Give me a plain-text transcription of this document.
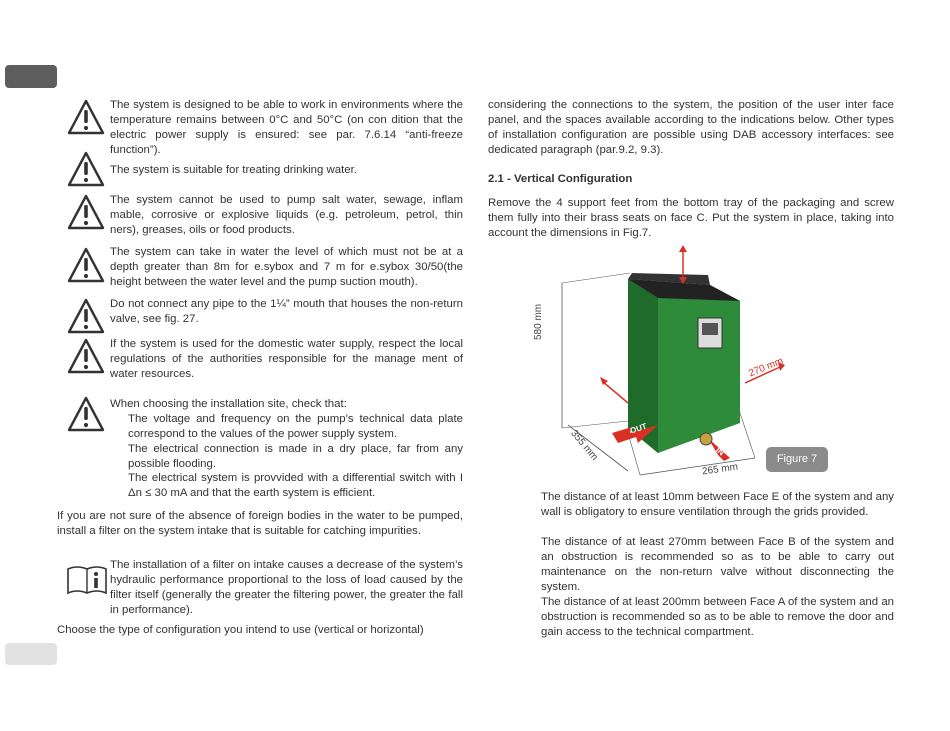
The system is designed to be able to work in environments where the temperature remains between 0°C and 50°C (on con dition that the electric power supply is ensured: see par. 7.6.14 “anti-freeze function”).

The system is suitable for treating drinking water.

The system cannot be used to pump salt water, sewage, inflam mable, corrosive or explosive liquids (e.g. petroleum, petrol, thin ners), greases, oils or food products.

The system can take in water the level of which must not be at a depth greater than 8m for e.sybox and 7 m for e.sybox 30/50(the height between the water level and the pump suction mouth).

Do not connect any pipe to the 1¼” mouth that houses the non-return valve, see fig. 27.

If the system is used for the domestic water supply, respect the local regulations of the authorities responsible for the manage ment of water resources.

When choosing the installation site, check that:

The voltage and frequency on the pump’s technical data plate correspond to the values of the power supply system.

The electrical connection is made in a dry place, far from any possible flooding.

The electrical system is provvided with a differential switch with I Δn ≤ 30 mA and that the earth system is efficient.

If you are not sure of the absence of foreign bodies in the water to be pumped, install a filter on the system intake that is suitable for catching impurities.

The installation of a filter on intake causes a decrease of the system’s hydraulic performance proportional to the loss of load caused by the filter itself (generally the greater the filtering power, the greater the fall in performance).

Choose the type of configuration you intend to use (vertical or horizontal)

considering the connections to the system, the position of the user inter face panel, and the spaces available according to the indications below. Other types of installation configuration are possible using DAB accessory interfaces: see dedicated paragraph (par.9.2, 9.3).

2.1 - Vertical Configuration

Remove the 4 support feet from the bottom tray of the packaging and screw them fully into their brass seats on face C. Put the system in place, taking into account the dimensions in Fig.7.

580 mm
270 mm
355 mm
265 mm
OUT
IN
Figure 7

The distance of at least 10mm between Face E of the system and any wall is obligatory to ensure ventilation through the grids provided.

The distance of at least 270mm between Face B of the system and an obstruction is recommended so as to be able to carry out maintenance on the non-return valve without disconnecting the system.

The distance of at least 200mm between Face A of the system and an obstruction is recommended so as to be able to remove the door and gain access to the technical compartment.
